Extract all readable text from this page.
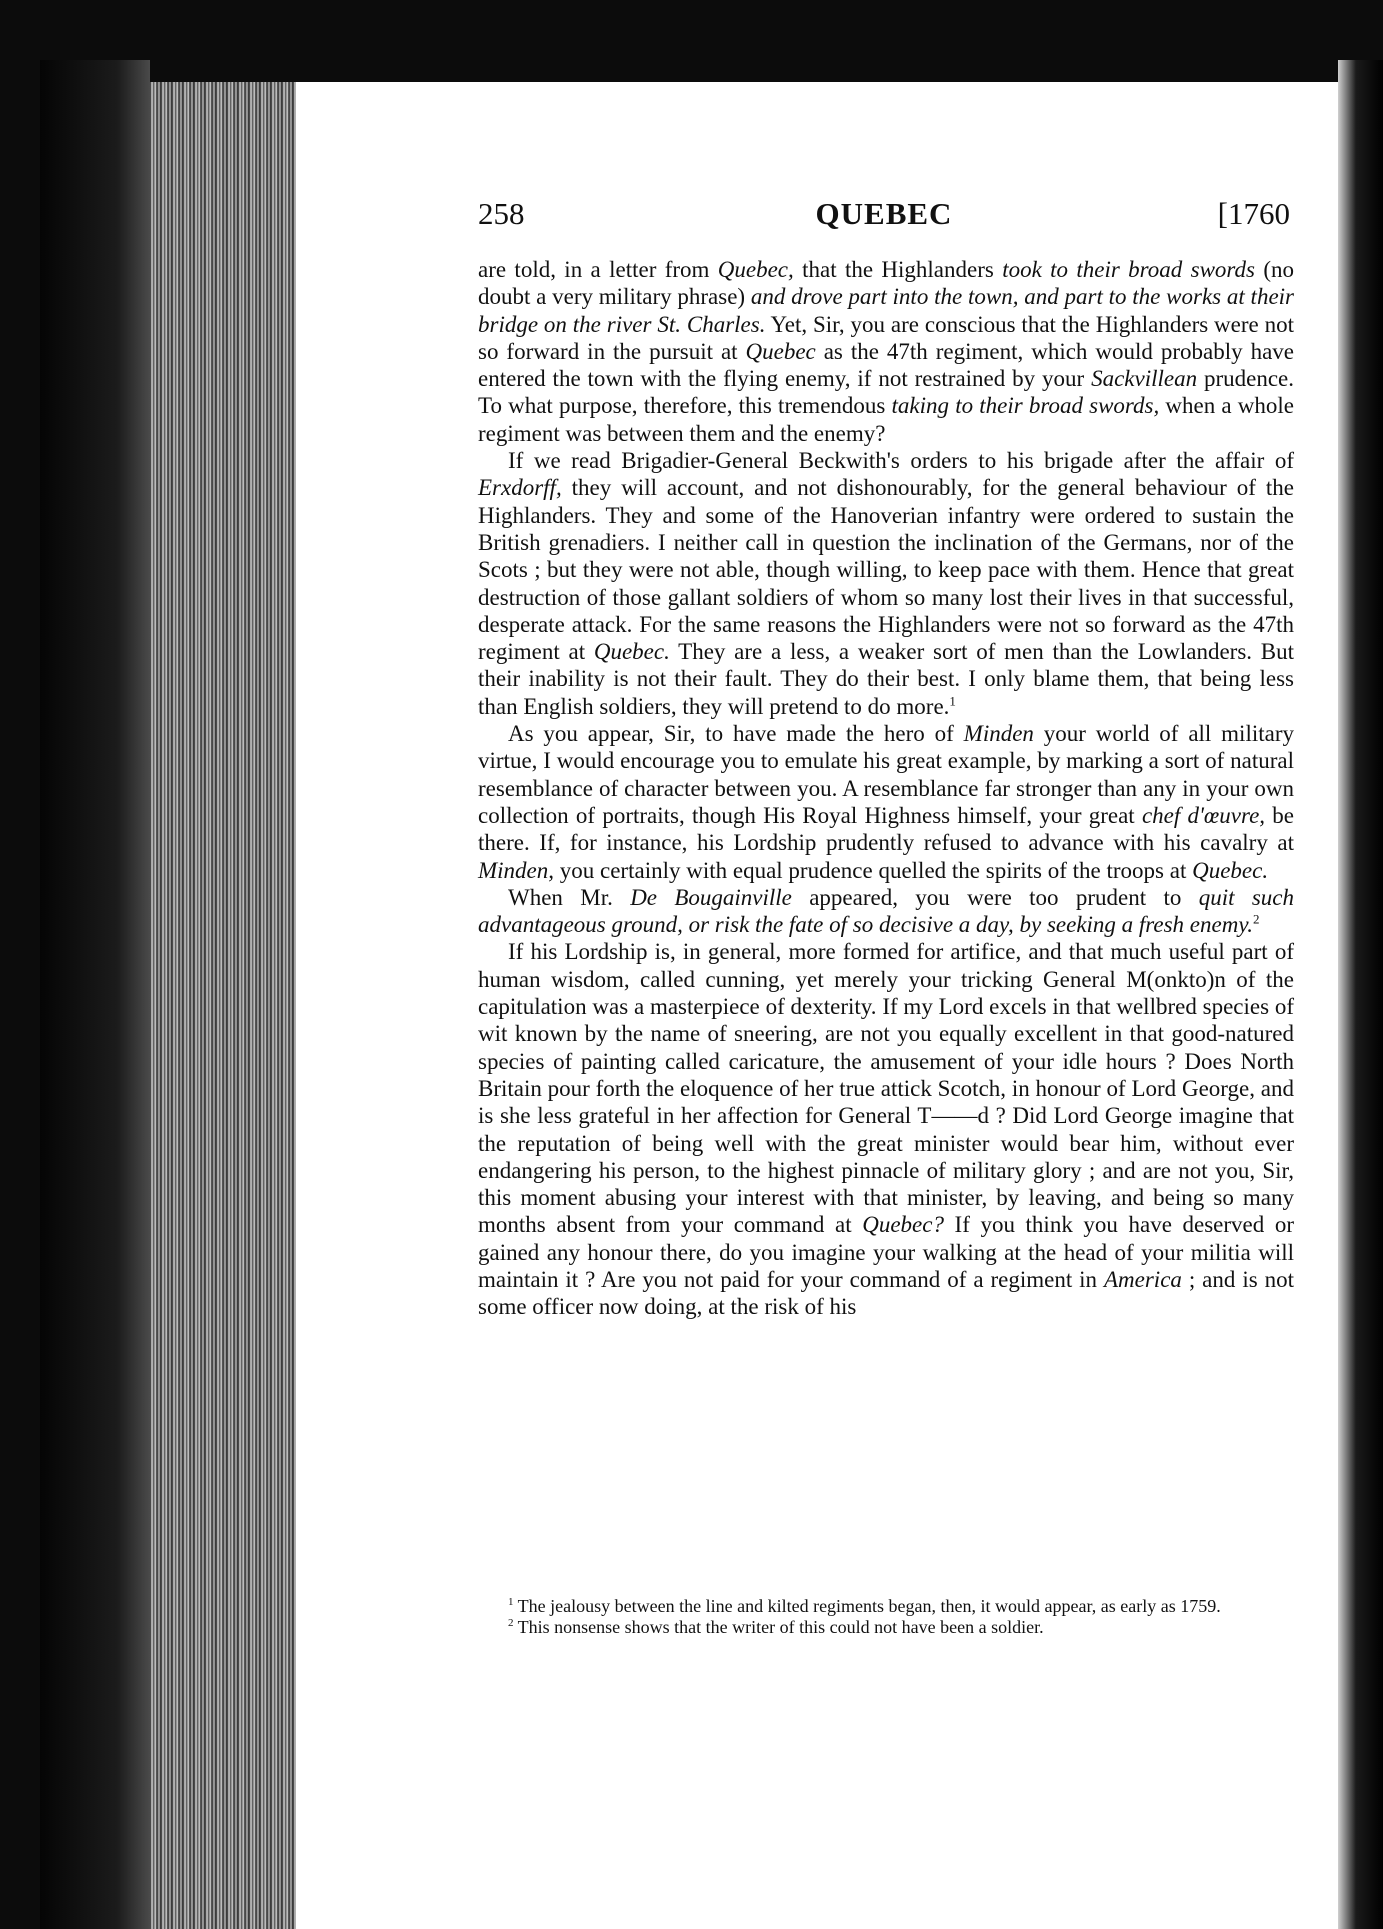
258	QUEBEC	[1760

are told, in a letter from Quebec, that the Highlanders took to their broad swords (no doubt a very military phrase) and drove part into the town, and part to the works at their bridge on the river St. Charles. Yet, Sir, you are conscious that the Highlanders were not so forward in the pursuit at Quebec as the 47th regiment, which would probably have entered the town with the flying enemy, if not restrained by your Sackvillean prudence. To what purpose, therefore, this tremendous taking to their broad swords, when a whole regiment was between them and the enemy?

If we read Brigadier-General Beckwith's orders to his brigade after the affair of Erxdorff, they will account, and not dishonourably, for the general behaviour of the Highlanders. They and some of the Hanoverian infantry were ordered to sustain the British grenadiers. I neither call in question the inclination of the Germans, nor of the Scots ; but they were not able, though willing, to keep pace with them. Hence that great destruction of those gallant soldiers of whom so many lost their lives in that successful, desperate attack. For the same reasons the Highlanders were not so forward as the 47th regiment at Quebec. They are a less, a weaker sort of men than the Lowlanders. But their inability is not their fault. They do their best. I only blame them, that being less than English soldiers, they will pretend to do more.$^1$

As you appear, Sir, to have made the hero of Minden your world of all military virtue, I would encourage you to emulate his great example, by marking a sort of natural resemblance of character between you. A resemblance far stronger than any in your own collection of portraits, though His Royal Highness himself, your great chef d'œuvre, be there. If, for instance, his Lordship prudently refused to advance with his cavalry at Minden, you certainly with equal prudence quelled the spirits of the troops at Quebec.

When Mr. De Bougainville appeared, you were too prudent to quit such advantageous ground, or risk the fate of so decisive a day, by seeking a fresh enemy.$^2$

If his Lordship is, in general, more formed for artifice, and that much useful part of human wisdom, called cunning, yet merely your tricking General M(onkto)n of the capitulation was a masterpiece of dexterity. If my Lord excels in that wellbred species of wit known by the name of sneering, are not you equally excellent in that good-natured species of painting called caricature, the amusement of your idle hours ? Does North Britain pour forth the eloquence of her true attick Scotch, in honour of Lord George, and is she less grateful in her affection for General T——d ? Did Lord George imagine that the reputation of being well with the great minister would bear him, without ever endangering his person, to the highest pinnacle of military glory ; and are not you, Sir, this moment abusing your interest with that minister, by leaving, and being so many months absent from your command at Quebec? If you think you have deserved or gained any honour there, do you imagine your walking at the head of your militia will maintain it ? Are you not paid for your command of a regiment in America ; and is not some officer now doing, at the risk of his

$^1$ The jealousy between the line and kilted regiments began, then, it would appear, as early as 1759.

$^2$ This nonsense shows that the writer of this could not have been a soldier.
